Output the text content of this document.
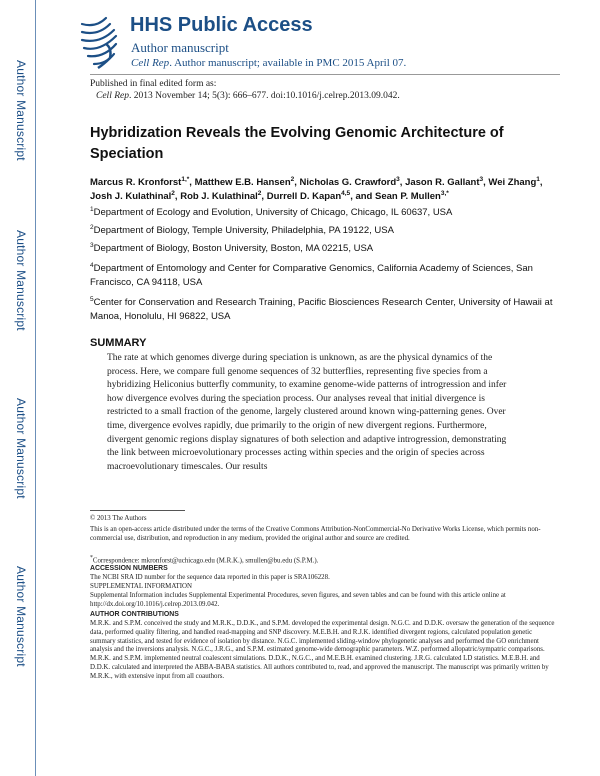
Author Manuscript
Author Manuscript
Author Manuscript
Author Manuscript
HHS Public Access
Author manuscript
Cell Rep. Author manuscript; available in PMC 2015 April 07.
Published in final edited form as:
Cell Rep. 2013 November 14; 5(3): 666–677. doi:10.1016/j.celrep.2013.09.042.
Hybridization Reveals the Evolving Genomic Architecture of Speciation
Marcus R. Kronforst$^{1,*}$, Matthew E.B. Hansen$^2$, Nicholas G. Crawford$^3$, Jason R. Gallant$^3$, Wei Zhang$^1$, Josh J. Kulathinal$^2$, Rob J. Kulathinal$^2$, Durrell D. Kapan$^{4,5}$, and Sean P. Mullen$^{3,*}$
$^1$Department of Ecology and Evolution, University of Chicago, Chicago, IL 60637, USA
$^2$Department of Biology, Temple University, Philadelphia, PA 19122, USA
$^3$Department of Biology, Boston University, Boston, MA 02215, USA
$^4$Department of Entomology and Center for Comparative Genomics, California Academy of Sciences, San Francisco, CA 94118, USA
$^5$Center for Conservation and Research Training, Pacific Biosciences Research Center, University of Hawaii at Manoa, Honolulu, HI 96822, USA
SUMMARY
The rate at which genomes diverge during speciation is unknown, as are the physical dynamics of the process. Here, we compare full genome sequences of 32 butterflies, representing five species from a hybridizing Heliconius butterfly community, to examine genome-wide patterns of introgression and infer how divergence evolves during the speciation process. Our analyses reveal that initial divergence is restricted to a small fraction of the genome, largely clustered around known wing-patterning genes. Over time, divergence evolves rapidly, due primarily to the origin of new divergent regions. Furthermore, divergent genomic regions display signatures of both selection and adaptive introgression, demonstrating the link between microevolutionary processes acting within species and the origin of species across macroevolutionary timescales. Our results
© 2013 The Authors
This is an open-access article distributed under the terms of the Creative Commons Attribution-NonCommercial-No Derivative Works License, which permits non-commercial use, distribution, and reproduction in any medium, provided the original author and source are credited.
*Correspondence: mkronforst@uchicago.edu (M.R.K.), smullen@bu.edu (S.P.M.).
ACCESSION NUMBERS
The NCBI SRA ID number for the sequence data reported in this paper is SRA106228.
SUPPLEMENTAL INFORMATION
Supplemental Information includes Supplemental Experimental Procedures, seven figures, and seven tables and can be found with this article online at http://dx.doi.org/10.1016/j.celrep.2013.09.042.
AUTHOR CONTRIBUTIONS
M.R.K. and S.P.M. conceived the study and M.R.K., D.D.K., and S.P.M. developed the experimental design. N.G.C. and D.D.K. oversaw the generation of the sequence data, performed quality filtering, and handled read-mapping and SNP discovery. M.E.B.H. and R.J.K. identified divergent regions, calculated population genetic summary statistics, and tested for evidence of isolation by distance. N.G.C. implemented sliding-window phylogenetic analyses and performed the GO enrichment analysis and the inversions analysis. N.G.C., J.R.G., and S.P.M. estimated genome-wide demographic parameters. W.Z. performed allopatric/sympatric comparisons. M.R.K. and S.P.M. implemented neutral coalescent simulations. D.D.K., N.G.C., and M.E.B.H. examined clustering. J.R.G. calculated LD statistics. M.E.B.H. and D.D.K. calculated and interpreted the ABBA-BABA statistics. All authors contributed to, read, and approved the manuscript. The manuscript was primarily written by M.R.K., with extensive input from all coauthors.
